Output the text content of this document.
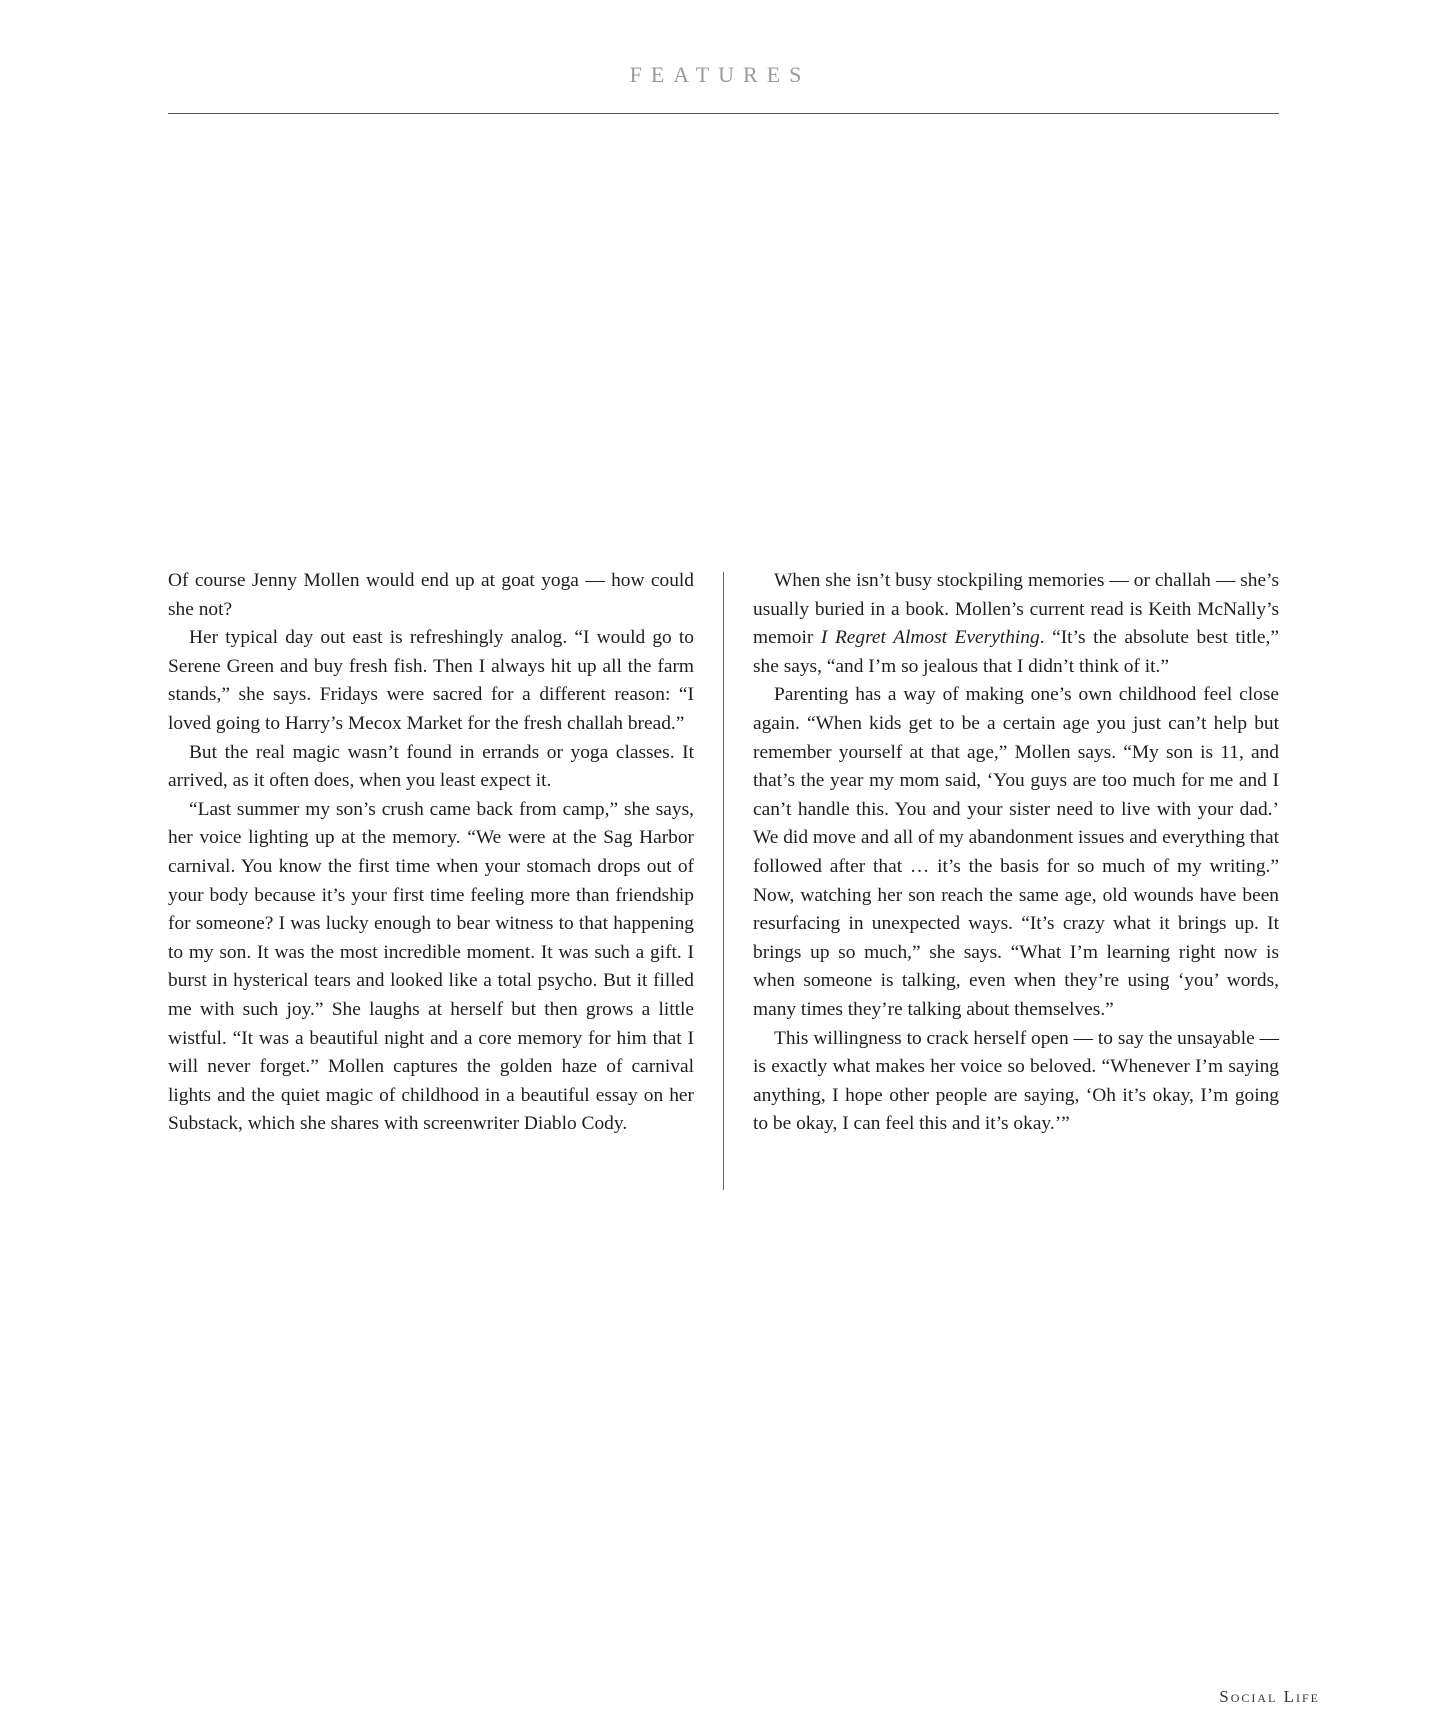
FEATURES

Of course Jenny Mollen would end up at goat yoga — how could she not?

Her typical day out east is refreshingly analog. “I would go to Serene Green and buy fresh fish. Then I always hit up all the farm stands,” she says. Fridays were sacred for a different reason: “I loved going to Harry’s Mecox Market for the fresh challah bread.”

But the real magic wasn’t found in errands or yoga classes. It arrived, as it often does, when you least expect it.

“Last summer my son’s crush came back from camp,” she says, her voice lighting up at the memory. “We were at the Sag Harbor carnival. You know the first time when your stomach drops out of your body because it’s your first time feeling more than friendship for someone? I was lucky enough to bear witness to that happening to my son. It was the most incredible moment. It was such a gift. I burst in hysterical tears and looked like a total psycho. But it filled me with such joy.” She laughs at herself but then grows a little wistful. “It was a beautiful night and a core memory for him that I will never forget.” Mollen captures the golden haze of carnival lights and the quiet magic of childhood in a beautiful essay on her Substack, which she shares with screenwriter Diablo Cody.

When she isn’t busy stockpiling memories — or challah — she’s usually buried in a book. Mollen’s current read is Keith McNally’s memoir I Regret Almost Everything. “It’s the absolute best title,” she says, “and I’m so jealous that I didn’t think of it.”

Parenting has a way of making one’s own childhood feel close again. “When kids get to be a certain age you just can’t help but remember yourself at that age,” Mollen says. “My son is 11, and that’s the year my mom said, ‘You guys are too much for me and I can’t handle this. You and your sister need to live with your dad.’ We did move and all of my abandonment issues and everything that followed after that … it’s the basis for so much of my writing.” Now, watching her son reach the same age, old wounds have been resurfacing in unexpected ways. “It’s crazy what it brings up. It brings up so much,” she says. “What I’m learning right now is when someone is talking, even when they’re using ‘you’ words, many times they’re talking about themselves.”

This willingness to crack herself open — to say the unsayable — is exactly what makes her voice so beloved. “Whenever I’m saying anything, I hope other people are saying, ‘Oh it’s okay, I’m going to be okay, I can feel this and it’s okay.’”

Social Life
